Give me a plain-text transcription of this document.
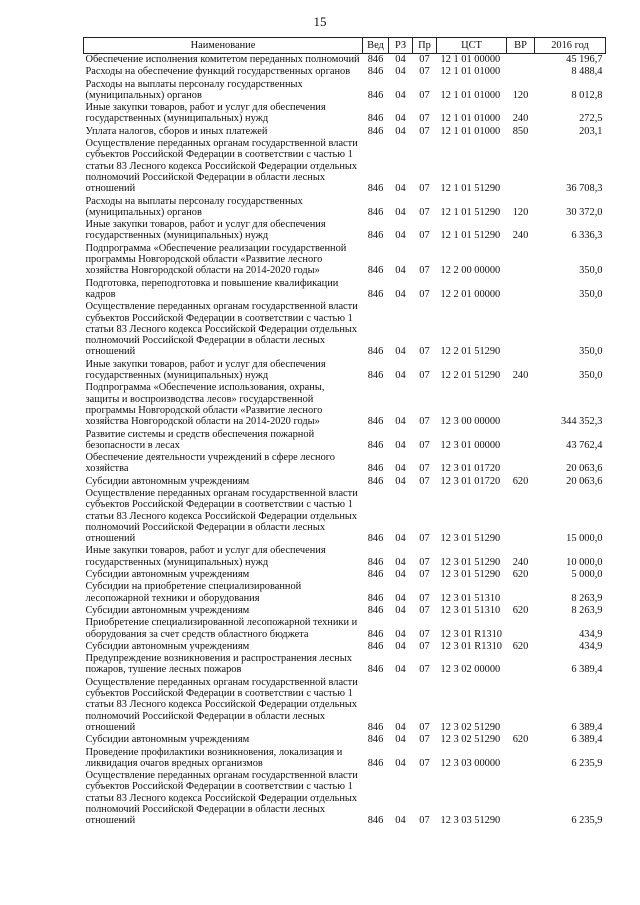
15
Наименование	Вед	РЗ	Пр	ЦСТ	ВР	2016 год
Обеспечение исполнения комитетом переданных полномочий	846	04	07	12 1 01 00000		45 196,7
Расходы на обеспечение функций государственных органов	846	04	07	12 1 01 01000		8 488,4
Расходы на выплаты персоналу государственных (муниципальных) органов	846	04	07	12 1 01 01000	120	8 012,8
Иные закупки товаров, работ и услуг для обеспечения государственных (муниципальных) нужд	846	04	07	12 1 01 01000	240	272,5
Уплата налогов, сборов и иных платежей	846	04	07	12 1 01 01000	850	203,1
Осуществление переданных органам государственной власти субъектов Российской Федерации в соответствии с частью 1 статьи 83 Лесного кодекса Российской Федерации отдельных полномочий Российской Федерации в области лесных отношений	846	04	07	12 1 01 51290		36 708,3
Расходы на выплаты персоналу государственных (муниципальных) органов	846	04	07	12 1 01 51290	120	30 372,0
Иные закупки товаров, работ и услуг для обеспечения государственных (муниципальных) нужд	846	04	07	12 1 01 51290	240	6 336,3
Подпрограмма «Обеспечение реализации государственной программы Новгородской области «Развитие лесного хозяйства Новгородской области на 2014-2020 годы»	846	04	07	12 2 00 00000		350,0
Подготовка, переподготовка и повышение квалификации кадров	846	04	07	12 2 01 00000		350,0
Осуществление переданных органам государственной власти субъектов Российской Федерации в соответствии с частью 1 статьи 83 Лесного кодекса Российской Федерации отдельных полномочий Российской Федерации в области лесных отношений	846	04	07	12 2 01 51290		350,0
Иные закупки товаров, работ и услуг для обеспечения государственных (муниципальных) нужд	846	04	07	12 2 01 51290	240	350,0
Подпрограмма «Обеспечение использования, охраны, защиты и воспроизводства лесов» государственной программы Новгородской области «Развитие лесного хозяйства Новгородской области на 2014-2020 годы»	846	04	07	12 3 00 00000		344 352,3
Развитие системы и средств обеспечения пожарной безопасности в лесах	846	04	07	12 3 01 00000		43 762,4
Обеспечение деятельности учреждений в сфере лесного хозяйства	846	04	07	12 3 01 01720		20 063,6
Субсидии автономным учреждениям	846	04	07	12 3 01 01720	620	20 063,6
Осуществление переданных органам государственной власти субъектов Российской Федерации в соответствии с частью 1 статьи 83 Лесного кодекса Российской Федерации отдельных полномочий Российской Федерации в области лесных отношений	846	04	07	12 3 01 51290		15 000,0
Иные закупки товаров, работ и услуг для обеспечения государственных (муниципальных) нужд	846	04	07	12 3 01 51290	240	10 000,0
Субсидии автономным учреждениям	846	04	07	12 3 01 51290	620	5 000,0
Субсидии на приобретение специализированной лесопожарной техники и оборудования	846	04	07	12 3 01 51310		8 263,9
Субсидии автономным учреждениям	846	04	07	12 3 01 51310	620	8 263,9
Приобретение специализированной лесопожарной техники и оборудования за счет средств областного бюджета	846	04	07	12 3 01 R1310		434,9
Субсидии автономным учреждениям	846	04	07	12 3 01 R1310	620	434,9
Предупреждение возникновения и распространения лесных пожаров, тушение лесных пожаров	846	04	07	12 3 02 00000		6 389,4
Осуществление переданных органам государственной власти субъектов Российской Федерации в соответствии с частью 1 статьи 83 Лесного кодекса Российской Федерации отдельных полномочий Российской Федерации в области лесных отношений	846	04	07	12 3 02 51290		6 389,4
Субсидии автономным учреждениям	846	04	07	12 3 02 51290	620	6 389,4
Проведение профилактики возникновения, локализация и ликвидация очагов вредных организмов	846	04	07	12 3 03 00000		6 235,9
Осуществление переданных органам государственной власти субъектов Российской Федерации в соответствии с частью 1 статьи 83 Лесного кодекса Российской Федерации отдельных полномочий Российской Федерации в области лесных отношений	846	04	07	12 3 03 51290		6 235,9
